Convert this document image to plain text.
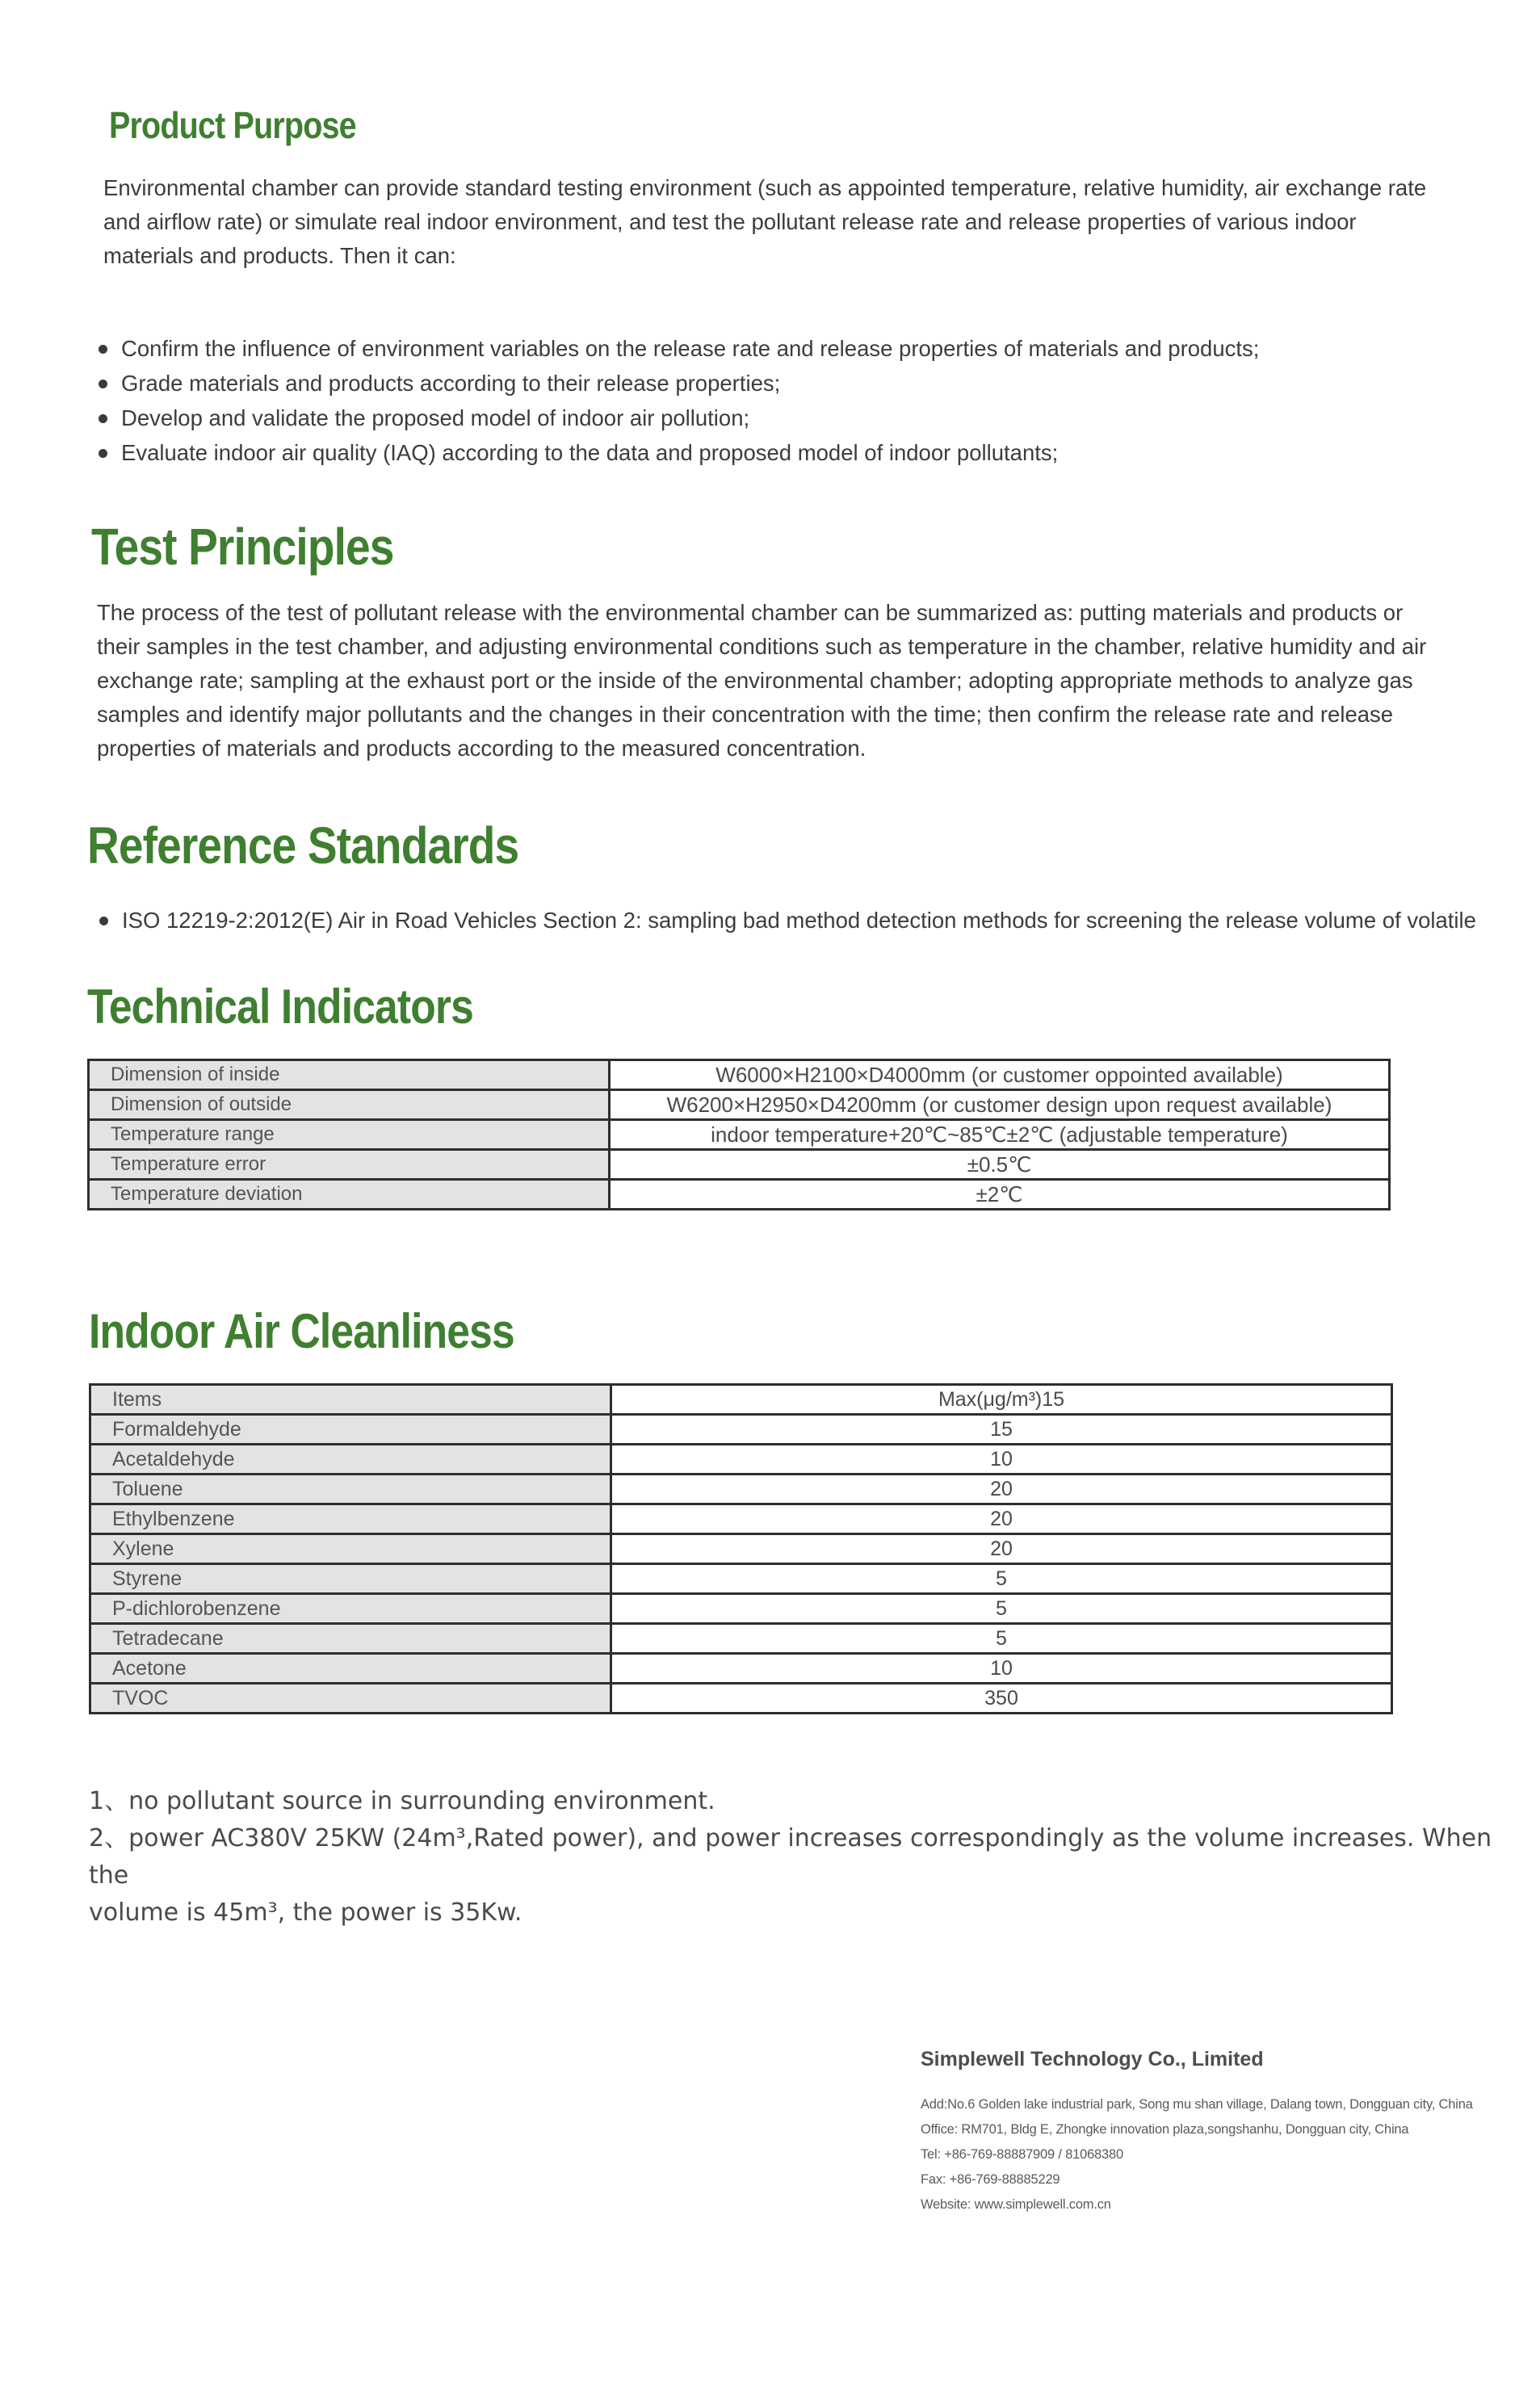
Product Purpose

Environmental chamber can provide standard testing environment (such as appointed temperature, relative humidity, air exchange rate

and airflow rate) or simulate real indoor environment, and test the pollutant release rate and release properties of various indoor

materials and products. Then it can:

Confirm the influence of environment variables on the release rate and release properties of materials and products;
Grade materials and products according to their release properties;
Develop and validate the proposed model of indoor air pollution;
Evaluate indoor air quality (IAQ) according to the data and proposed model of indoor pollutants;
Test Principles

The process of the test of pollutant release with the environmental chamber can be summarized as: putting materials and products or

their samples in the test chamber, and adjusting environmental conditions such as temperature in the chamber, relative humidity and air

exchange rate; sampling at the exhaust port or the inside of the environmental chamber; adopting appropriate methods to analyze gas

samples and identify major pollutants and the changes in their concentration with the time; then confirm the release rate and release

properties of materials and products according to the measured concentration.

Reference Standards
ISO 12219-2:2012(E) Air in Road Vehicles Section 2: sampling bad method detection methods for screening the release volume of volatile
Technical Indicators
Dimension of inside	W6000×H2100×D4000mm (or customer oppointed available)
Dimension of outside	W6200×H2950×D4200mm (or customer design upon request available)
Temperature range	indoor temperature+20℃~85℃±2℃ (adjustable temperature)
Temperature error	±0.5℃
Temperature deviation	±2℃
Indoor Air Cleanliness
Items	Max(μg/m³)15
Formaldehyde	15
Acetaldehyde	10
Toluene	20
Ethylbenzene	20
Xylene	20
Styrene	5
P-dichlorobenzene	5
Tetradecane	5
Acetone	10
TVOC	350

1、no pollutant source in surrounding environment.

2、power AC380V 25KW (24m³,Rated power), and power increases correspondingly as the volume increases. When the

volume is 45m³, the power is 35Kw.

Simplewell Technology Co., Limited
Add:No.6 Golden lake industrial park, Song mu shan village, Dalang town, Dongguan city, China
Office: RM701, Bldg E, Zhongke innovation plaza,songshanhu, Dongguan city, China
Tel: +86-769-88887909 / 81068380
Fax: +86-769-88885229
Website: www.simplewell.com.cn
